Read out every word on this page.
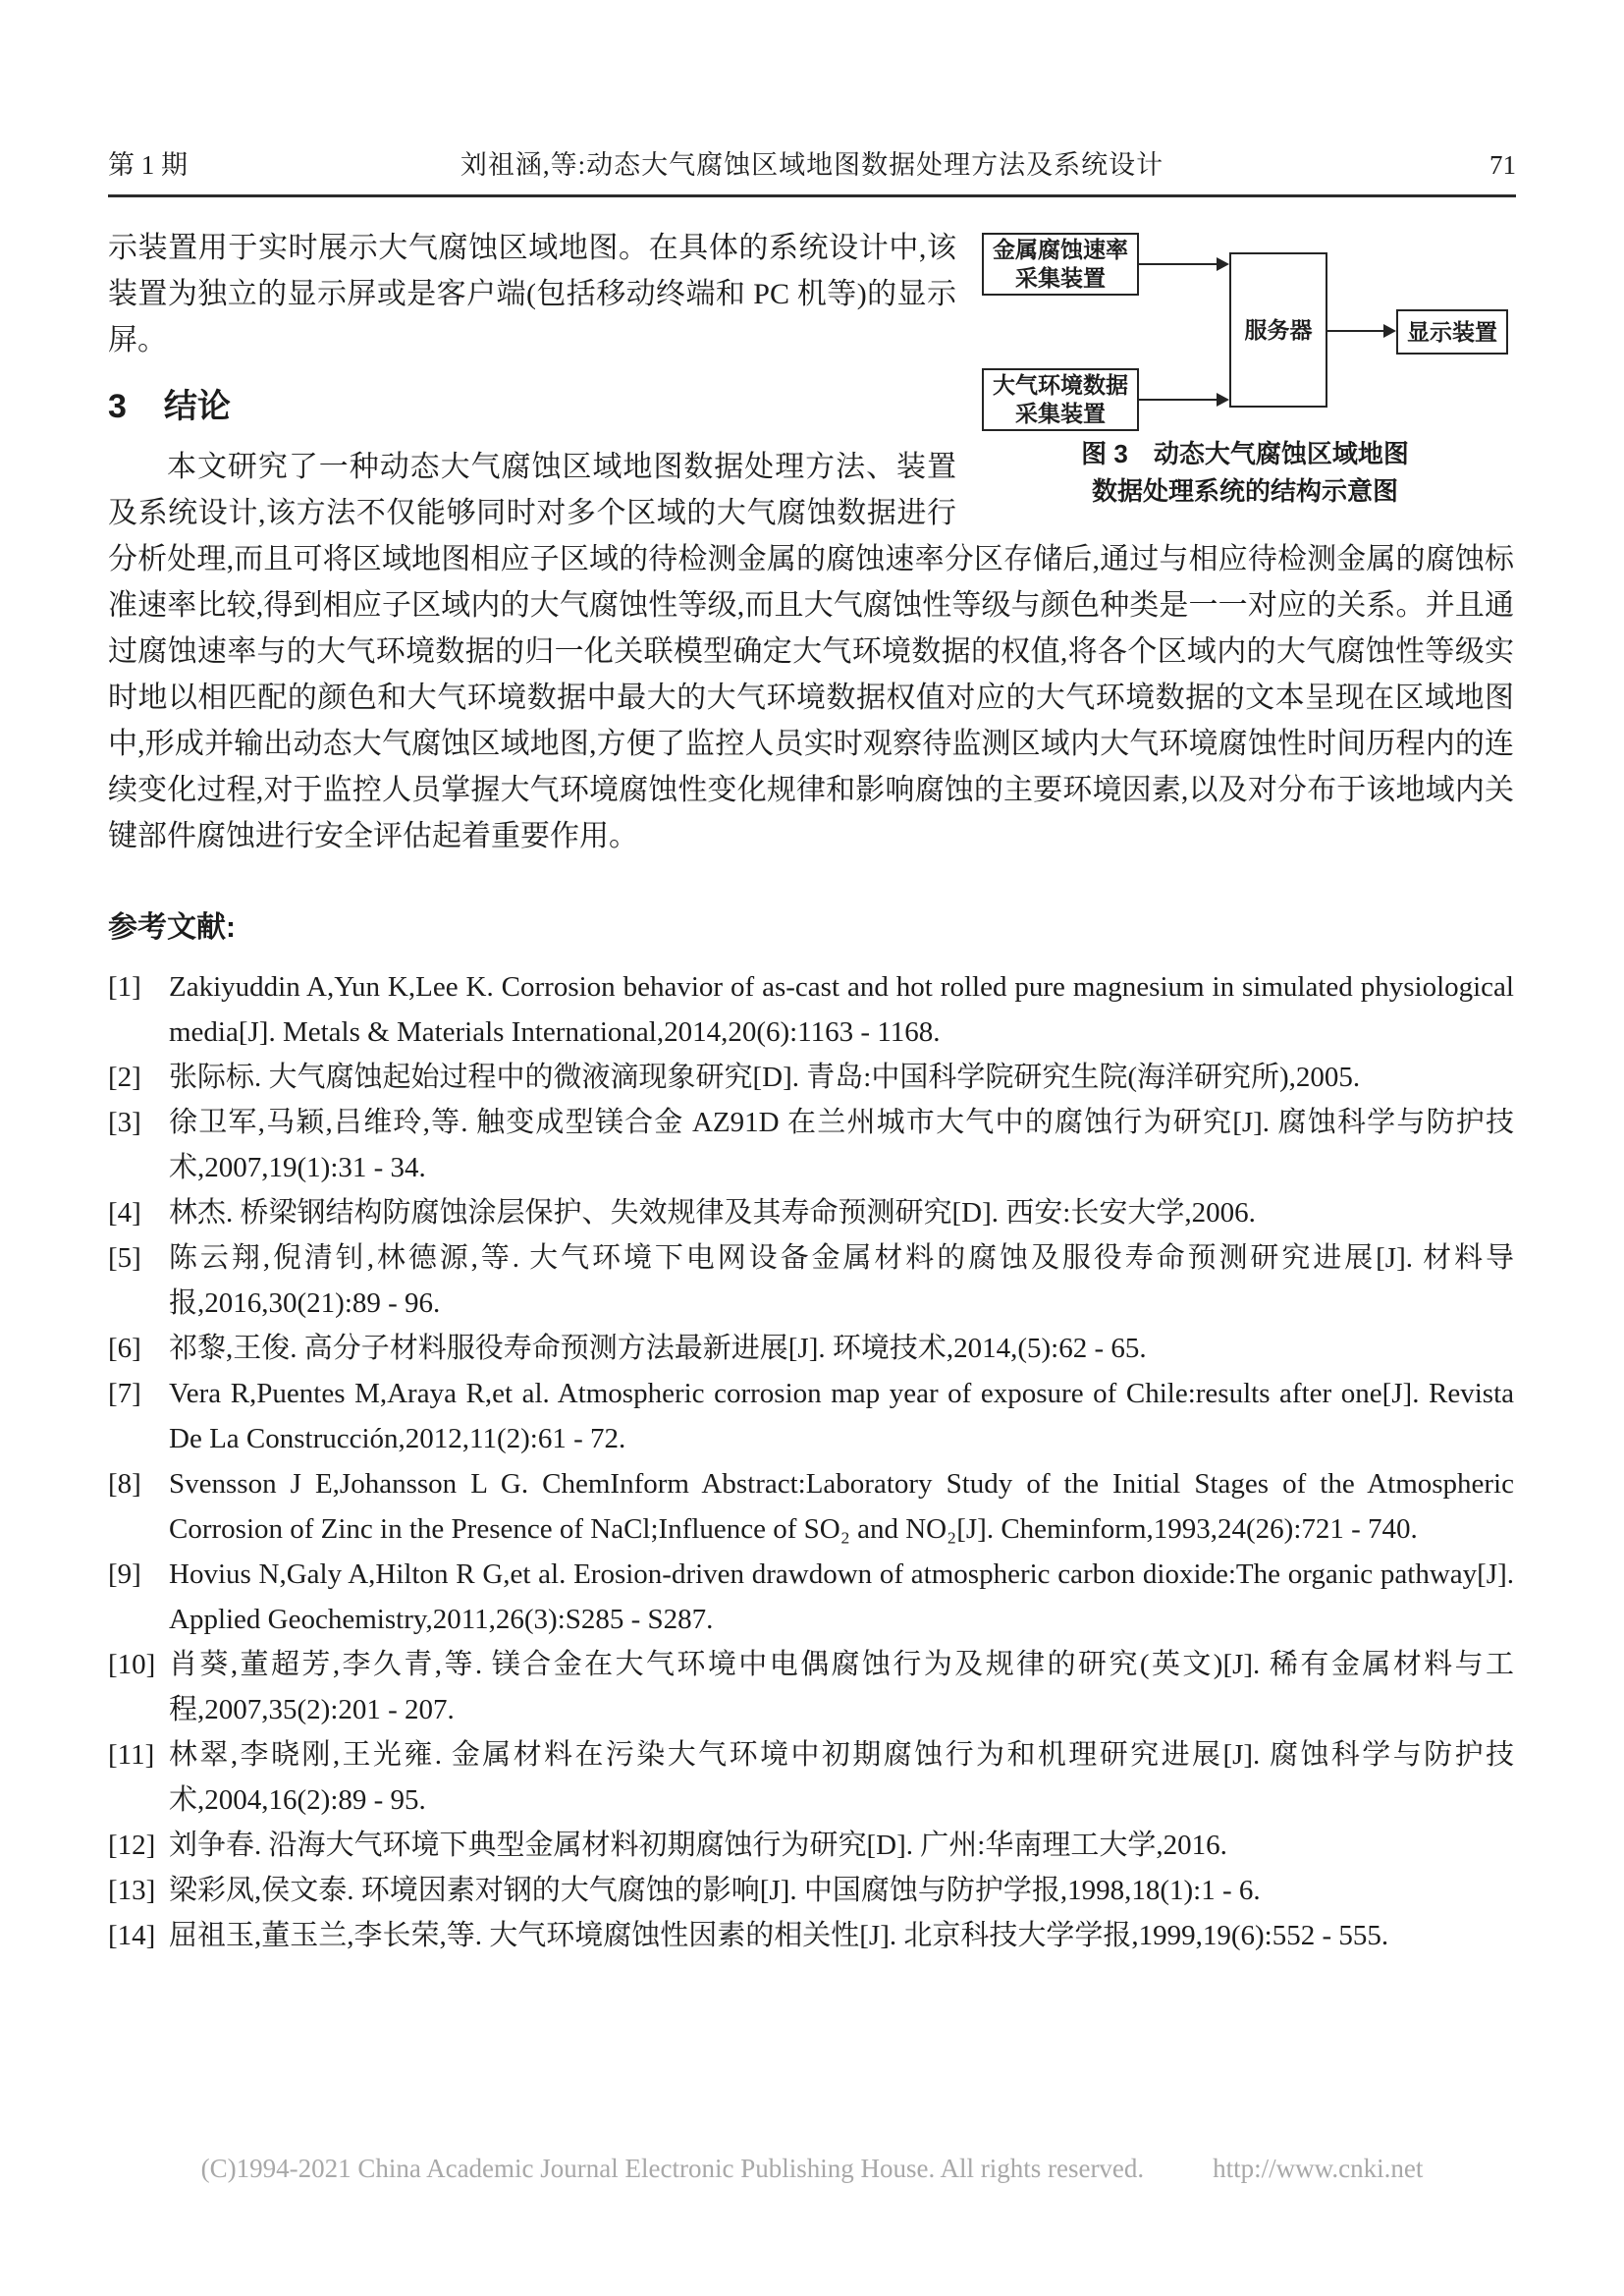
第 1 期	刘祖涵,等:动态大气腐蚀区域地图数据处理方法及系统设计	71
金属腐蚀速率
采集装置
大气环境数据
采集装置
服务器	显示装置
图 3　动态大气腐蚀区域地图
数据处理系统的结构示意图

示装置用于实时展示大气腐蚀区域地图。在具体的系统设计中,该装置为独立的显示屏或是客户端(包括移动终端和 PC 机等)的显示屏。

3 结论

本文研究了一种动态大气腐蚀区域地图数据处理方法、装置及系统设计,该方法不仅能够同时对多个区域的大气腐蚀数据进行分析处理,而且可将区域地图相应子区域的待检测金属的腐蚀速率分区存储后,通过与相应待检测金属的腐蚀标准速率比较,得到相应子区域内的大气腐蚀性等级,而且大气腐蚀性等级与颜色种类是一一对应的关系。并且通过腐蚀速率与的大气环境数据的归一化关联模型确定大气环境数据的权值,将各个区域内的大气腐蚀性等级实时地以相匹配的颜色和大气环境数据中最大的大气环境数据权值对应的大气环境数据的文本呈现在区域地图中,形成并输出动态大气腐蚀区域地图,方便了监控人员实时观察待监测区域内大气环境腐蚀性时间历程内的连续变化过程,对于监控人员掌握大气环境腐蚀性变化规律和影响腐蚀的主要环境因素,以及对分布于该地域内关键部件腐蚀进行安全评估起着重要作用。

参考文献:
[1] Zakiyuddin A,Yun K,Lee K. Corrosion behavior of as-cast and hot rolled pure magnesium in simulated physiological media[J]. Metals & Materials International,2014,20(6):1163 - 1168.
[2] 张际标. 大气腐蚀起始过程中的微液滴现象研究[D]. 青岛:中国科学院研究生院(海洋研究所),2005.
[3] 徐卫军,马颖,吕维玲,等. 触变成型镁合金 AZ91D 在兰州城市大气中的腐蚀行为研究[J]. 腐蚀科学与防护技术,2007,19(1):31 - 34.
[4] 林杰. 桥梁钢结构防腐蚀涂层保护、失效规律及其寿命预测研究[D]. 西安:长安大学,2006.
[5] 陈云翔,倪清钊,林德源,等. 大气环境下电网设备金属材料的腐蚀及服役寿命预测研究进展[J]. 材料导报,2016,30(21):89 - 96.
[6] 祁黎,王俊. 高分子材料服役寿命预测方法最新进展[J]. 环境技术,2014,(5):62 - 65.
[7] Vera R,Puentes M,Araya R,et al. Atmospheric corrosion map year of exposure of Chile:results after one[J]. Revista De La Construcción,2012,11(2):61 - 72.
[8] Svensson J E,Johansson L G. ChemInform Abstract:Laboratory Study of the Initial Stages of the Atmospheric Corrosion of Zinc in the Presence of NaCl;Influence of SO₂ and NO₂[J]. Cheminform,1993,24(26):721 - 740.
[9] Hovius N,Galy A,Hilton R G,et al. Erosion-driven drawdown of atmospheric carbon dioxide:The organic pathway[J]. Applied Geochemistry,2011,26(3):S285 - S287.
[10] 肖葵,董超芳,李久青,等. 镁合金在大气环境中电偶腐蚀行为及规律的研究(英文)[J]. 稀有金属材料与工程,2007,35(2):201 - 207.
[11] 林翠,李晓刚,王光雍. 金属材料在污染大气环境中初期腐蚀行为和机理研究进展[J]. 腐蚀科学与防护技术,2004,16(2):89 - 95.
[12] 刘争春. 沿海大气环境下典型金属材料初期腐蚀行为研究[D]. 广州:华南理工大学,2016.
[13] 梁彩凤,侯文泰. 环境因素对钢的大气腐蚀的影响[J]. 中国腐蚀与防护学报,1998,18(1):1 - 6.
[14] 屈祖玉,董玉兰,李长荣,等. 大气环境腐蚀性因素的相关性[J]. 北京科技大学学报,1999,19(6):552 - 555.
(C)1994-2021 China Academic Journal Electronic Publishing House. All rights reserved.	http://www.cnki.net
